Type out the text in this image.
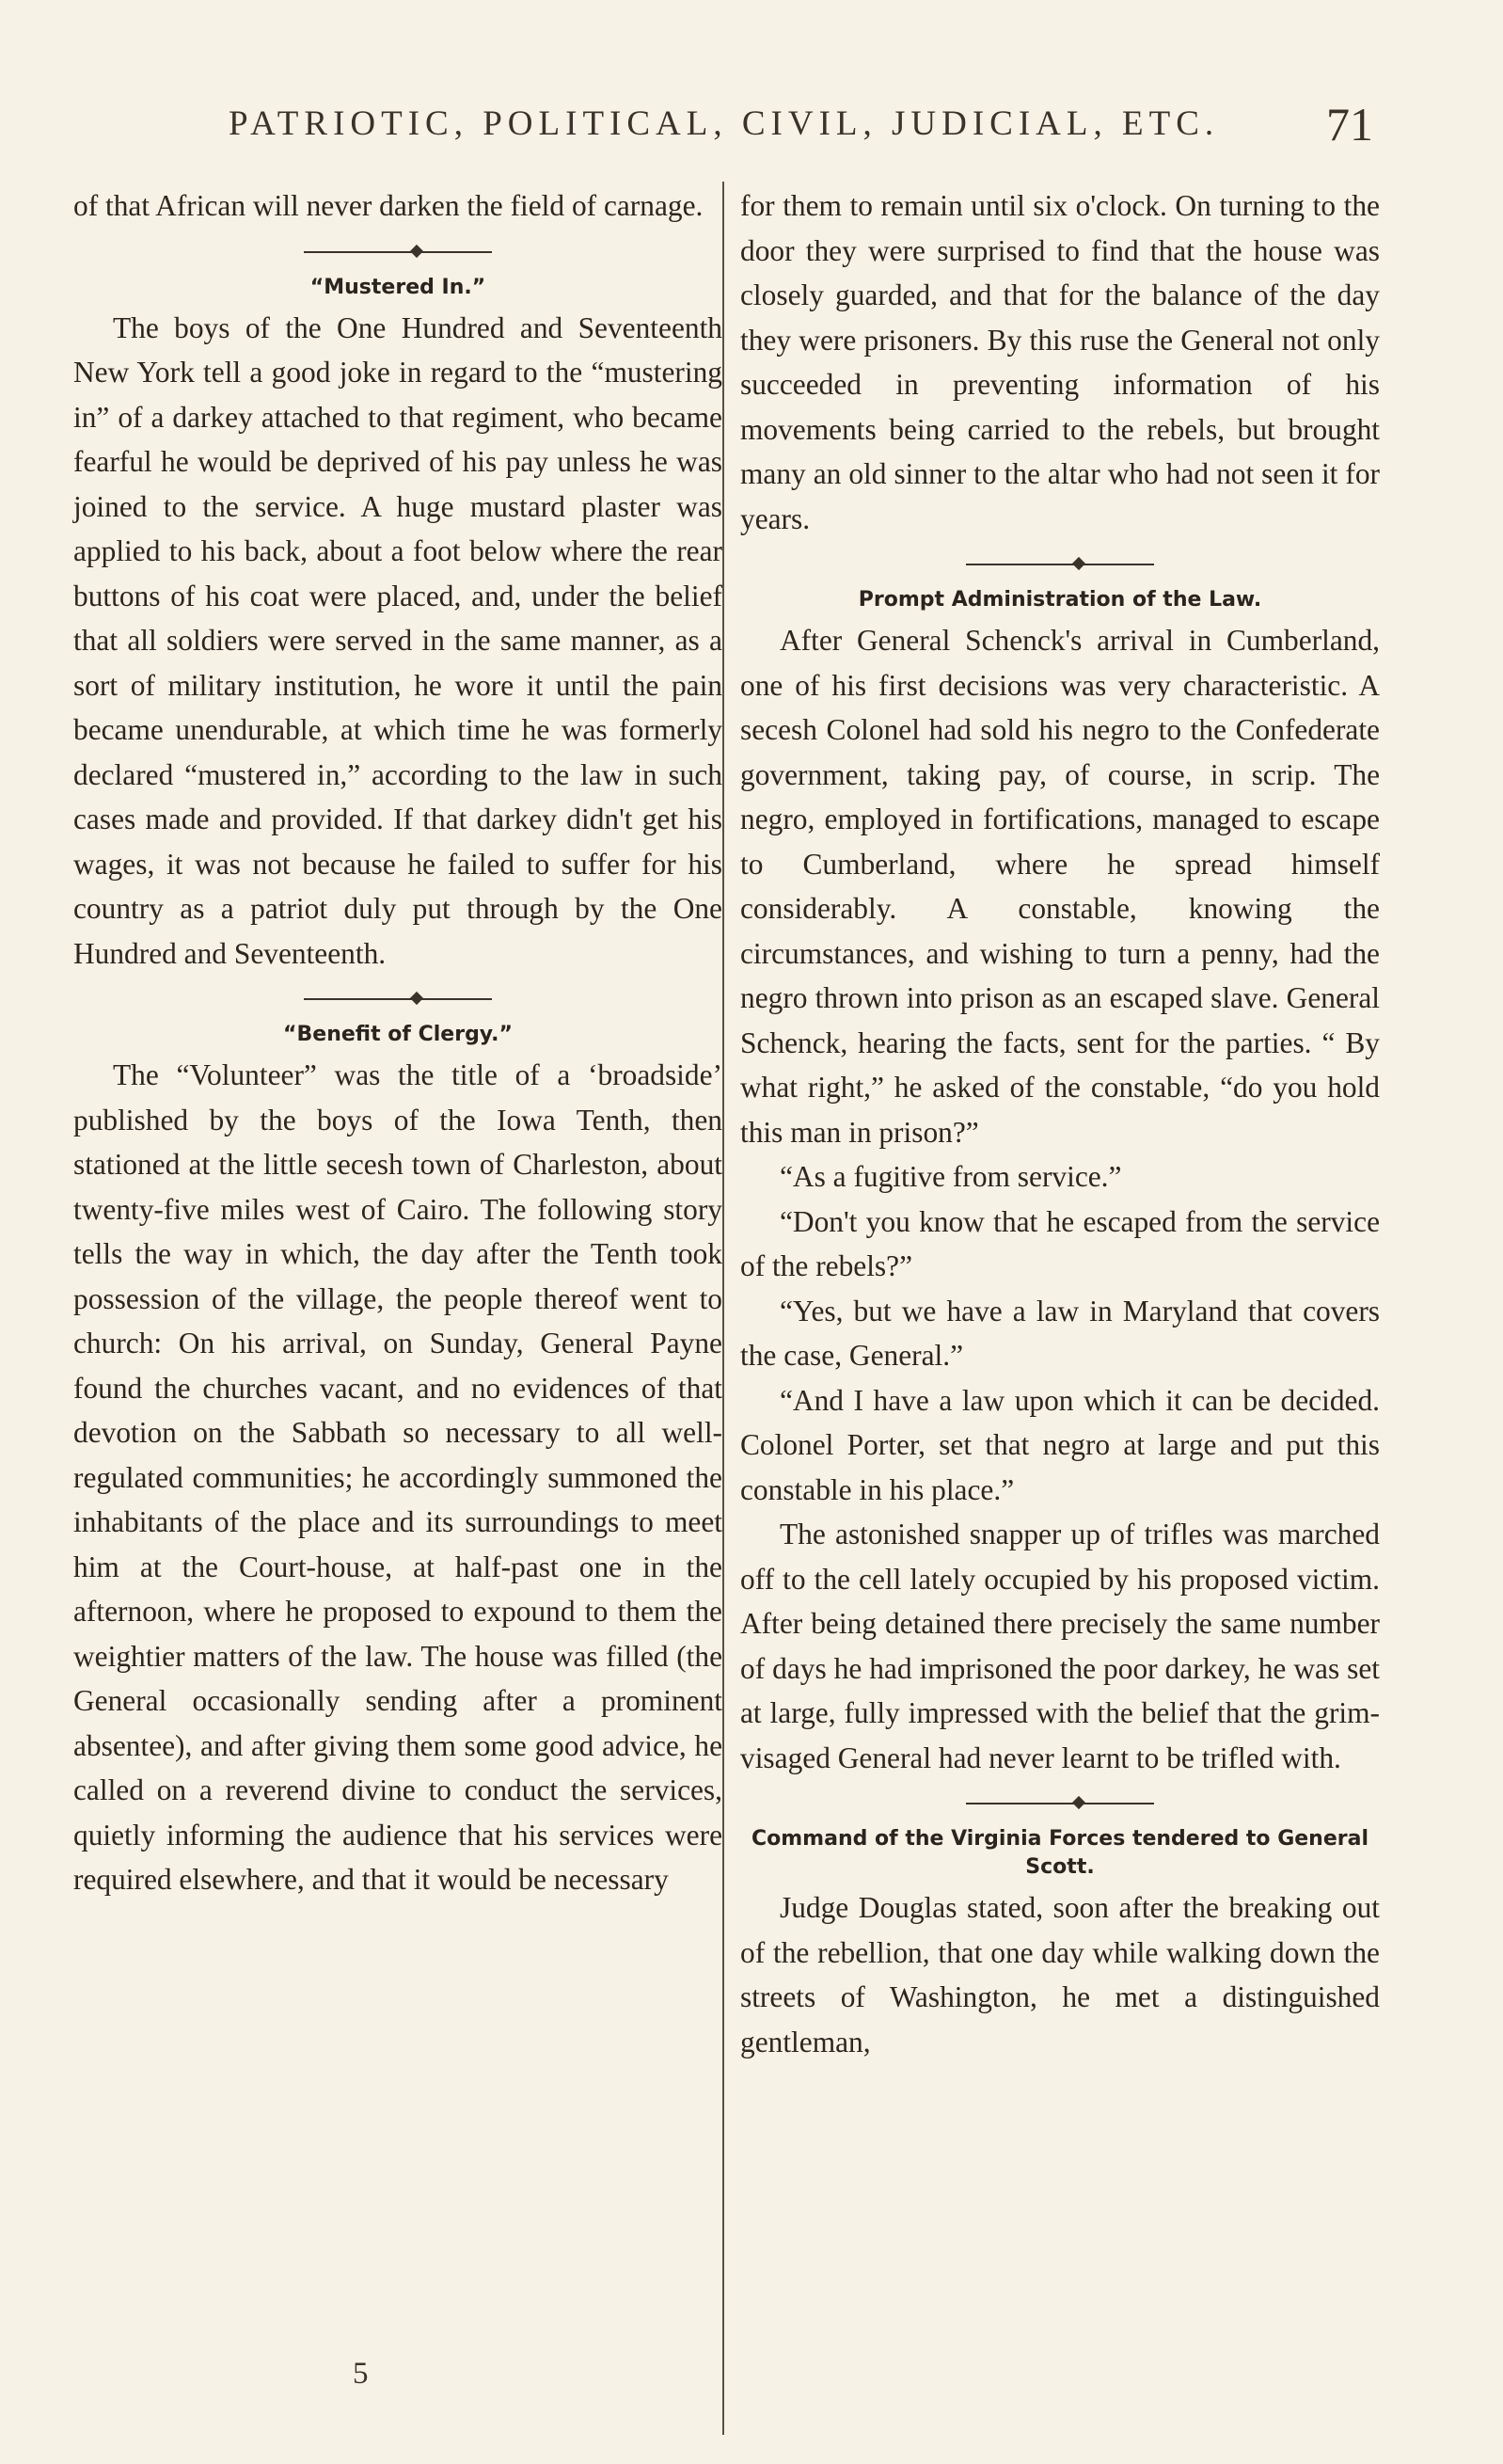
PATRIOTIC, POLITICAL, CIVIL, JUDICIAL, ETC.	71

of that African will never darken the field of carnage.

“Mustered In.”

The boys of the One Hundred and Seventeenth New York tell a good joke in regard to the “mustering in” of a darkey attached to that regiment, who became fearful he would be deprived of his pay unless he was joined to the service. A huge mustard plaster was applied to his back, about a foot below where the rear buttons of his coat were placed, and, under the belief that all soldiers were served in the same manner, as a sort of military institution, he wore it until the pain became unendurable, at which time he was formerly declared “mustered in,” according to the law in such cases made and provided. If that darkey didn't get his wages, it was not because he failed to suffer for his country as a patriot duly put through by the One Hundred and Seventeenth.

“Benefit of Clergy.”

The “Volunteer” was the title of a ‘broadside’ published by the boys of the Iowa Tenth, then stationed at the little secesh town of Charleston, about twenty-five miles west of Cairo. The following story tells the way in which, the day after the Tenth took possession of the village, the people thereof went to church: On his arrival, on Sunday, General Payne found the churches vacant, and no evidences of that devotion on the Sabbath so necessary to all well-regulated communities; he accordingly summoned the inhabitants of the place and its surroundings to meet him at the Court-house, at half-past one in the afternoon, where he proposed to expound to them the weightier matters of the law. The house was filled (the General occasionally sending after a prominent absentee), and after giving them some good advice, he called on a reverend divine to conduct the services, quietly informing the audience that his services were required elsewhere, and that it would be necessary

5

for them to remain until six o'clock. On turning to the door they were surprised to find that the house was closely guarded, and that for the balance of the day they were prisoners. By this ruse the General not only succeeded in preventing information of his movements being carried to the rebels, but brought many an old sinner to the altar who had not seen it for years.

Prompt Administration of the Law.

After General Schenck's arrival in Cumberland, one of his first decisions was very characteristic. A secesh Colonel had sold his negro to the Confederate government, taking pay, of course, in scrip. The negro, employed in fortifications, managed to escape to Cumberland, where he spread himself considerably. A constable, knowing the circumstances, and wishing to turn a penny, had the negro thrown into prison as an escaped slave. General Schenck, hearing the facts, sent for the parties. “ By what right,” he asked of the constable, “do you hold this man in prison?”

“As a fugitive from service.”

“Don't you know that he escaped from the service of the rebels?”

“Yes, but we have a law in Maryland that covers the case, General.”

“And I have a law upon which it can be decided. Colonel Porter, set that negro at large and put this constable in his place.”

The astonished snapper up of trifles was marched off to the cell lately occupied by his proposed victim. After being detained there precisely the same number of days he had imprisoned the poor darkey, he was set at large, fully impressed with the belief that the grim-visaged General had never learnt to be trifled with.

Command of the Virginia Forces tendered to General Scott.

Judge Douglas stated, soon after the breaking out of the rebellion, that one day while walking down the streets of Washington, he met a distinguished gentleman,
